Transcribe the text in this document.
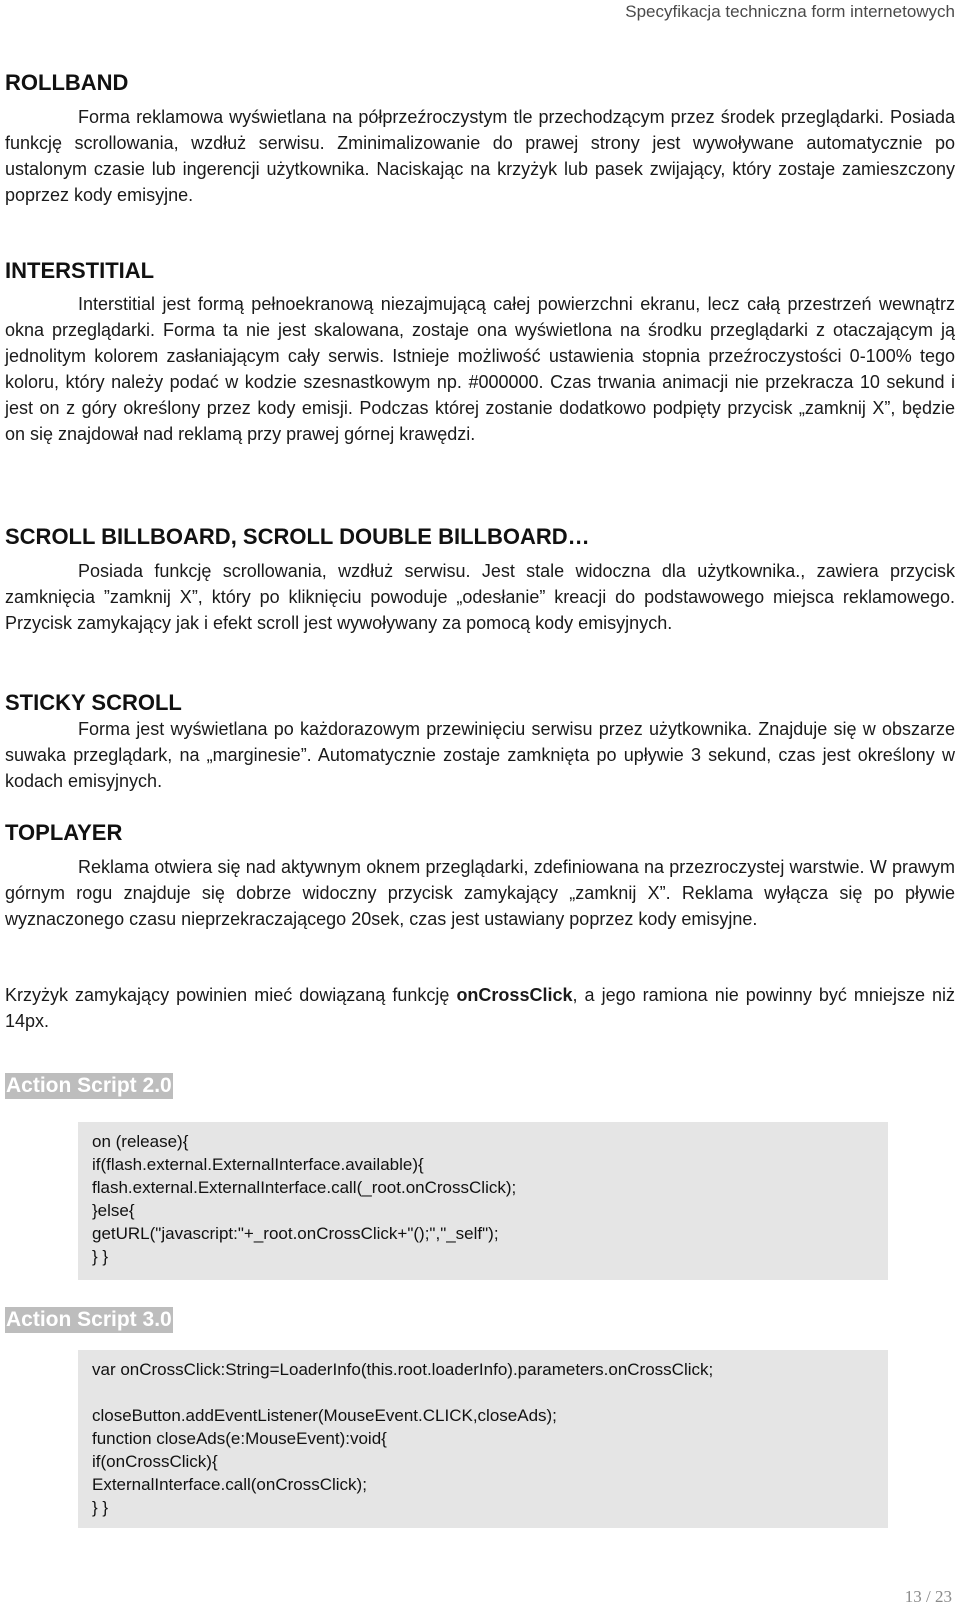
Specyfikacja techniczna form internetowych
ROLLBAND

Forma reklamowa wyświetlana na półprzeźroczystym tle przechodzącym przez środek przeglądarki. Posiada funkcję scrollowania, wzdłuż serwisu. Zminimalizowanie do prawej strony jest wywoływane automatycznie po ustalonym czasie lub ingerencji użytkownika. Naciskając na krzyżyk lub pasek zwijający, który zostaje zamieszczony poprzez kody emisyjne.

INTERSTITIAL

Interstitial jest formą pełnoekranową niezajmującą całej powierzchni ekranu, lecz całą przestrzeń wewnątrz okna przeglądarki. Forma ta nie jest skalowana, zostaje ona wyświetlona na środku przeglądarki z otaczającym ją jednolitym kolorem zasłaniającym cały serwis. Istnieje możliwość ustawienia stopnia przeźroczystości 0-100% tego koloru, który należy podać w kodzie szesnastkowym np. #000000. Czas trwania animacji nie przekracza 10 sekund i jest on z góry określony przez kody emisji. Podczas której zostanie dodatkowo podpięty przycisk „zamknij X”, będzie on się znajdował nad reklamą przy prawej górnej krawędzi.

SCROLL BILLBOARD, SCROLL DOUBLE BILLBOARD…

Posiada funkcję scrollowania, wzdłuż serwisu. Jest stale widoczna dla użytkownika., zawiera przycisk zamknięcia ”zamknij X”, który po kliknięciu powoduje „odesłanie” kreacji do podstawowego miejsca reklamowego. Przycisk zamykający jak i efekt scroll jest wywoływany za pomocą kody emisyjnych.

STICKY SCROLL

Forma jest wyświetlana po każdorazowym przewinięciu serwisu przez użytkownika. Znajduje się w obszarze suwaka przeglądark, na „marginesie”. Automatycznie zostaje zamknięta po upływie 3 sekund, czas jest określony w kodach emisyjnych.

TOPLAYER

Reklama otwiera się nad aktywnym oknem przeglądarki, zdefiniowana na przezroczystej warstwie. W prawym górnym rogu znajduje się dobrze widoczny przycisk zamykający „zamknij X”. Reklama wyłącza się po pływie wyznaczonego czasu nieprzekraczającego 20sek, czas jest ustawiany poprzez kody emisyjne.

Krzyżyk zamykający powinien mieć dowiązaną funkcję onCrossClick, a jego ramiona nie powinny być mniejsze niż 14px.

Action Script 2.0
on (release){
if(flash.external.ExternalInterface.available){
flash.external.ExternalInterface.call(_root.onCrossClick);
}else{
getURL("javascript:"+_root.onCrossClick+"();","_self");
} }
Action Script 3.0
var onCrossClick:String=LoaderInfo(this.root.loaderInfo).parameters.onCrossClick;
closeButton.addEventListener(MouseEvent.CLICK,closeAds);
function closeAds(e:MouseEvent):void{
if(onCrossClick){
ExternalInterface.call(onCrossClick);
} }
13 / 23
